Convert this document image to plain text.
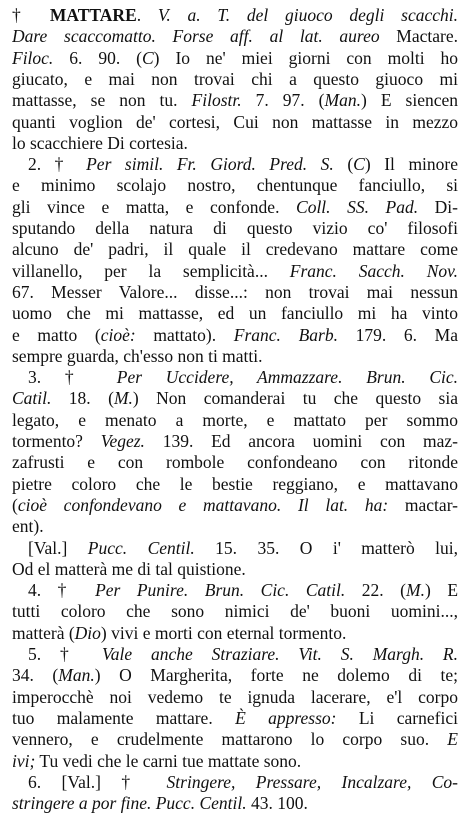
† MATTARE. V. a. T. del giuoco degli scacchi.
Dare scaccomatto. Forse aff. al lat. aureo Mactare.
Filoc. 6. 90. (C) Io ne' miei giorni con molti ho
giucato, e mai non trovai chi a questo giuoco mi
mattasse, se non tu. Filostr. 7. 97. (Man.) E siencen
quanti voglion de' cortesi, Cui non mattasse in mezzo
lo scacchiere Di cortesia.
2. † Per simil. Fr. Giord. Pred. S. (C) Il minore
e minimo scolajo nostro, chentunque fanciullo, si
gli vince e matta, e confonde. Coll. SS. Pad. Di-
sputando della natura di questo vizio co' filosofi
alcuno de' padri, il quale il credevano mattare come
villanello, per la semplicità... Franc. Sacch. Nov.
67. Messer Valore... disse...: non trovai mai nessun
uomo che mi mattasse, ed un fanciullo mi ha vinto
e matto (cioè: mattato). Franc. Barb. 179. 6. Ma
sempre guarda, ch'esso non ti matti.
3. † Per Uccidere, Ammazzare. Brun. Cic.
Catil. 18. (M.) Non comanderai tu che questo sia
legato, e menato a morte, e mattato per sommo
tormento? Vegez. 139. Ed ancora uomini con maz-
zafrusti e con rombole confondeano con ritonde
pietre coloro che le bestie reggiano, e mattavano
(cioè confondevano e mattavano. Il lat. ha: mactar-
ent).
[Val.] Pucc. Centil. 15. 35. O i' matterò lui,
Od el matterà me di tal quistione.
4. † Per Punire. Brun. Cic. Catil. 22. (M.) E
tutti coloro che sono nimici de' buoni uomini...,
matterà (Dio) vivi e morti con eternal tormento.
5. † Vale anche Straziare. Vit. S. Margh. R.
34. (Man.) O Margherita, forte ne dolemo di te;
imperocchè noi vedemo te ignuda lacerare, e'l corpo
tuo malamente mattare. È appresso: Li carnefici
vennero, e crudelmente mattarono lo corpo suo. E
ivi; Tu vedi che le carni tue mattate sono.
6. [Val.] † Stringere, Pressare, Incalzare, Co-
stringere a por fine. Pucc. Centil. 43. 100.
